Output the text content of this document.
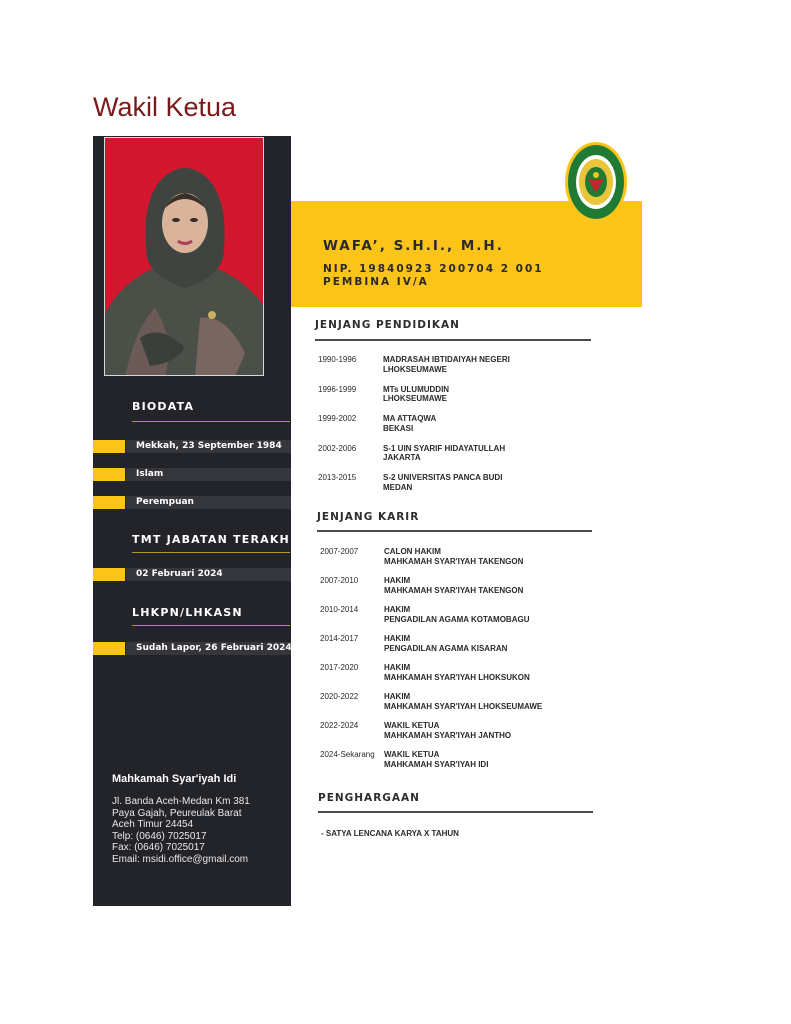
Wakil Ketua
WAFA’, S.H.I., M.H.
NIP. 19840923 200704 2 001
PEMBINA IV/A
BIODATA
Mekkah, 23 September 1984
Islam
Perempuan
TMT JABATAN TERAKHIR
02 Februari 2024
LHKPN/LHKASN
Sudah Lapor, 26 Februari 2024
Mahkamah Syar'iyah Idi
Jl. Banda Aceh-Medan Km 381
Paya Gajah, Peureulak Barat
Aceh Timur 24454
Telp: (0646) 7025017
Fax: (0646) 7025017
Email: msidi.office@gmail.com
JENJANG PENDIDIKAN
1990-1996	MADRASAH IBTIDAIYAH NEGERI
LHOKSEUMAWE
1996-1999	MTs ULUMUDDIN
LHOKSEUMAWE
1999-2002	MA ATTAQWA
BEKASI
2002-2006	S-1 UIN SYARIF HIDAYATULLAH
JAKARTA
2013-2015	S-2 UNIVERSITAS PANCA BUDI
MEDAN
JENJANG KARIR
2007-2007	CALON HAKIM
MAHKAMAH SYAR'IYAH TAKENGON
2007-2010	HAKIM
MAHKAMAH SYAR'IYAH TAKENGON
2010-2014	HAKIM
PENGADILAN AGAMA KOTAMOBAGU
2014-2017	HAKIM
PENGADILAN AGAMA KISARAN
2017-2020	HAKIM
MAHKAMAH SYAR'IYAH LHOKSUKON
2020-2022	HAKIM
MAHKAMAH SYAR'IYAH LHOKSEUMAWE
2022-2024	WAKIL KETUA
MAHKAMAH SYAR'IYAH JANTHO
2024-Sekarang WAKIL KETUA
MAHKAMAH SYAR'IYAH IDI
PENGHARGAAN
- SATYA LENCANA KARYA X TAHUN
